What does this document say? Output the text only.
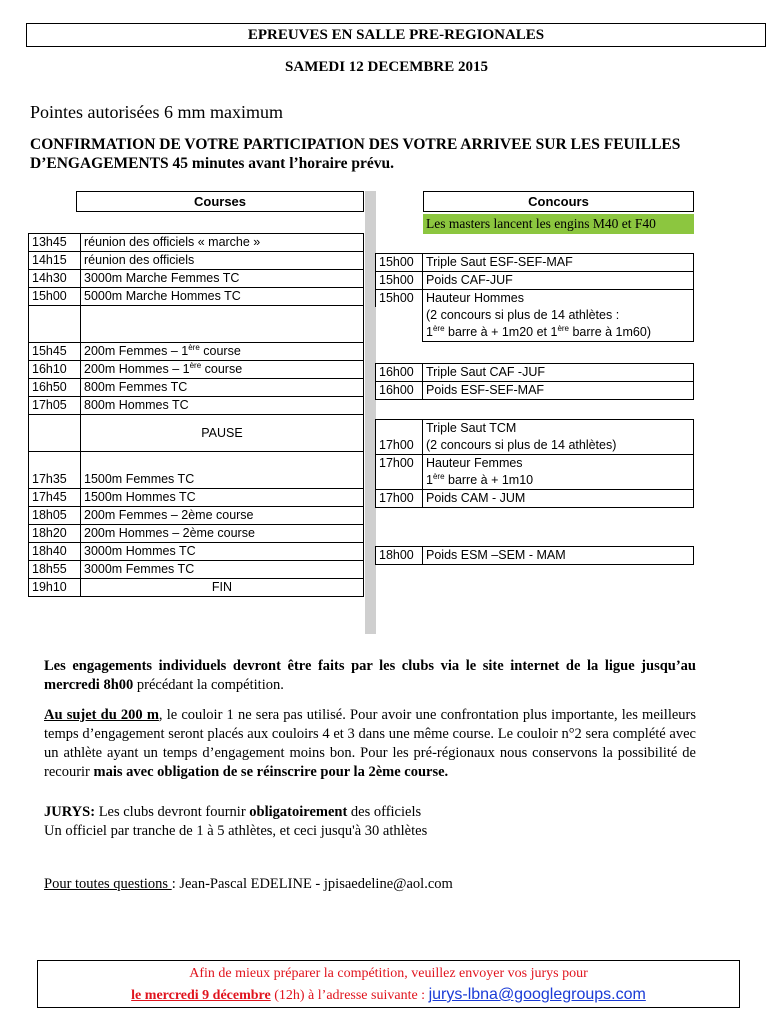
EPREUVES EN SALLE PRE-REGIONALES
SAMEDI 12 DECEMBRE 2015
Pointes autorisées 6 mm maximum
CONFIRMATION DE VOTRE PARTICIPATION DES VOTRE ARRIVEE SUR LES FEUILLES D’ENGAGEMENTS 45 minutes avant l’horaire prévu.
Courses	Concours
Les masters lancent les engins M40 et F40
13h45	réunion des officiels « marche »
14h15	réunion des officiels
14h30	3000m Marche Femmes TC
15h00	5000m Marche Hommes TC

15h45	200m Femmes – 1ère course
16h10	200m Hommes – 1ère course
16h50	800m Femmes TC
17h05	800m Hommes TC
	PAUSE
17h35	1500m Femmes TC
17h45	1500m Hommes TC
18h05	200m Femmes – 2ème course
18h20	200m Hommes – 2ème course
18h40	3000m Hommes TC
18h55	3000m Femmes TC
19h10	FIN
15h00	Triple Saut ESF-SEF-MAF
15h00	Poids CAF-JUF
15h00	Hauteur Hommes
	(2 concours si plus de 14 athlètes :
1ère barre à + 1m20 et 1ère barre à 1m60)

16h00	Triple Saut CAF -JUF
16h00	Poids ESF-SEF-MAF

17h00	Triple Saut TCM
(2 concours si plus de 14 athlètes)
17h00	Hauteur Femmes
1ère barre à + 1m10
17h00	Poids CAM - JUM

18h00	Poids ESM –SEM - MAM
Les engagements individuels devront être faits par les clubs via le site internet de la ligue jusqu’au mercredi 8h00 précédant la compétition.
Au sujet du 200 m, le couloir 1 ne sera pas utilisé. Pour avoir une confrontation plus importante, les meilleurs temps d’engagement seront placés aux couloirs 4 et 3 dans une même course. Le couloir n°2 sera complété avec un athlète ayant un temps d’engagement moins bon. Pour les pré-régionaux nous conservons la possibilité de recourir mais avec obligation de se réinscrire pour la 2ème course.
JURYS: Les clubs devront fournir obligatoirement des officiels
Un officiel par tranche de 1 à 5 athlètes, et ceci jusqu'à 30 athlètes
Pour toutes questions : Jean-Pascal EDELINE - jpisaedeline@aol.com
Afin de mieux préparer la compétition, veuillez envoyer vos jurys pour
le mercredi 9 décembre (12h) à l’adresse suivante : jurys-lbna@googlegroups.com
